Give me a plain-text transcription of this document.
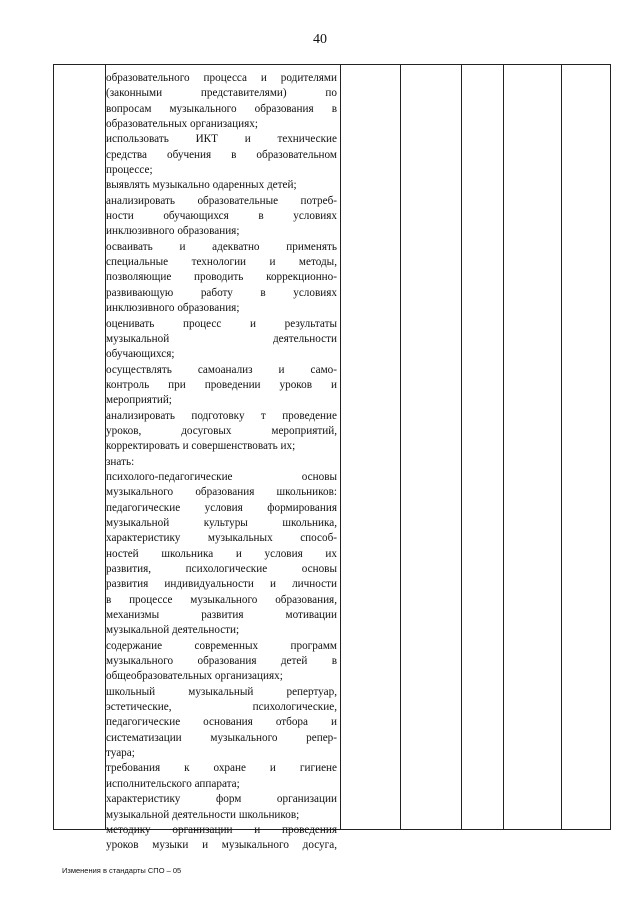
40
образовательного процесса и родителями
(законными представителями) по
вопросам музыкального образования в
образовательных организациях;
использовать ИКТ и технические
средства обучения в образовательном
процессе;
выявлять музыкально одаренных детей;
анализировать образовательные потреб-
ности обучающихся в условиях
инклюзивного образования;
осваивать и адекватно применять
специальные технологии и методы,
позволяющие проводить коррекционно-
развивающую работу в условиях
инклюзивного образования;
оценивать процесс и результаты
музыкальной деятельности
обучающихся;
осуществлять самоанализ и само-
контроль при проведении уроков и
мероприятий;
анализировать подготовку т проведение
уроков, досуговых мероприятий,
корректировать и совершенствовать их;
знать:
психолого-педагогические основы
музыкального образования школьников:
педагогические условия формирования
музыкальной культуры школьника,
характеристику музыкальных способ-
ностей школьника и условия их
развития, психологические основы
развития индивидуальности и личности
в процессе музыкального образования,
механизмы развития мотивации
музыкальной деятельности;
содержание современных программ
музыкального образования детей в
общеобразовательных организациях;
школьный музыкальный репертуар,
эстетические, психологические,
педагогические основания отбора и
систематизации музыкального репер-
туара;
требования к охране и гигиене
исполнительского аппарата;
характеристику форм организации
музыкальной деятельности школьников;
методику организации и проведения
уроков музыки и музыкального досуга,
Изменения в стандарты СПО – 05
